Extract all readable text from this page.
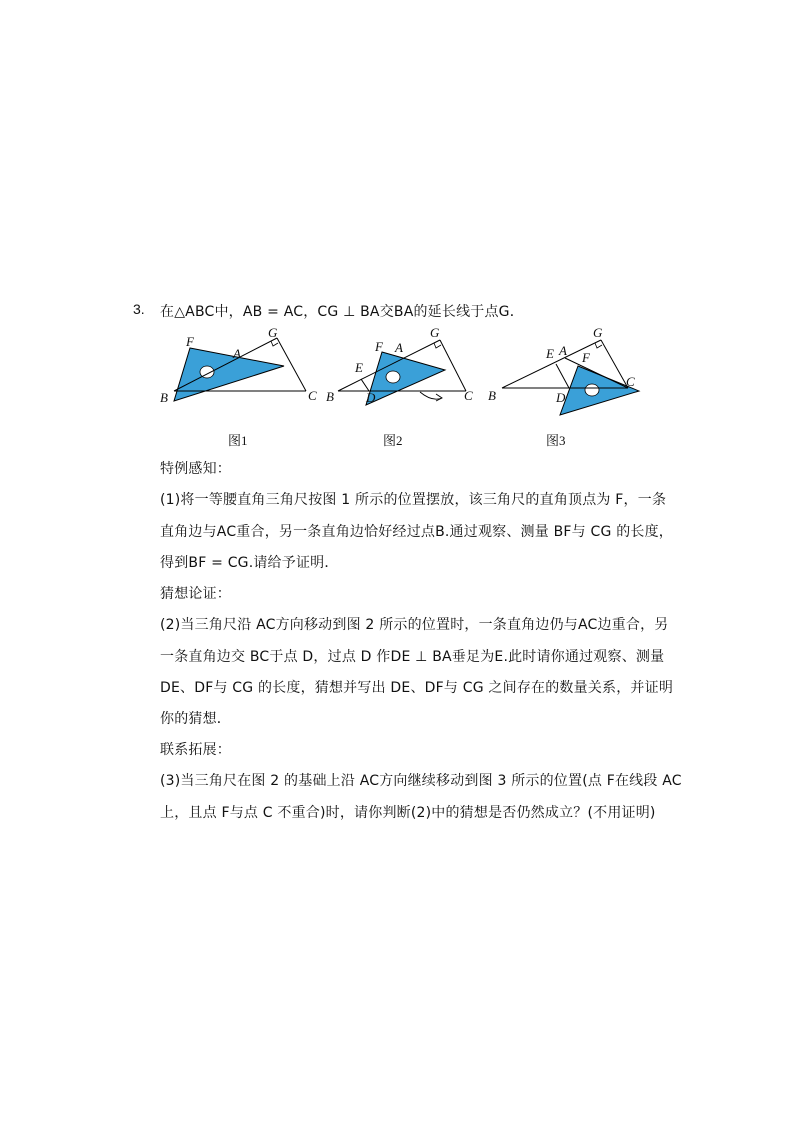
3. 在△ABC中，AB = AC，CG ⊥ BA交BA的延长线于点G．
F
A
G
B	C
图1
F A
G
E
B D	C
图2
E A
G
F
B	D
C
图3
特例感知：
(1)将一等腰直角三角尺按图 1 所示的位置摆放，该三角尺的直角顶点为 F，一条
直角边与AC重合，另一条直角边恰好经过点B.通过观察、测量 BF与 CG 的长度，
得到BF = CG.请给予证明．
猜想论证：
(2)当三角尺沿 AC方向移动到图 2 所示的位置时，一条直角边仍与AC边重合，另
一条直角边交 BC于点 D，过点 D 作DE ⊥ BA垂足为E.此时请你通过观察、测量
DE、DF与 CG 的长度，猜想并写出 DE、DF与 CG 之间存在的数量关系，并证明
你的猜想．
联系拓展：
(3)当三角尺在图 2 的基础上沿 AC方向继续移动到图 3 所示的位置(点 F在线段 AC
上，且点 F与点 C 不重合)时，请你判断(2)中的猜想是否仍然成立？(不用证明)
